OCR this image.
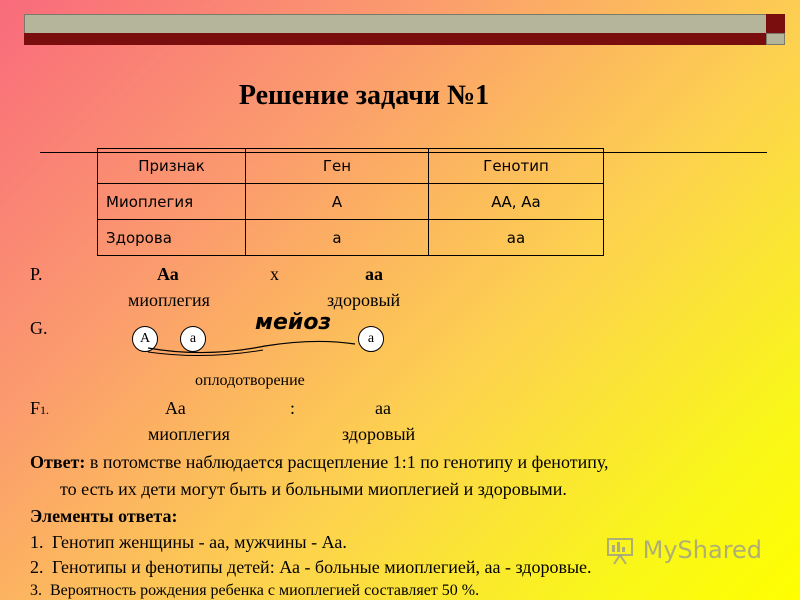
Решение задачи №1
Признак	Ген	Генотип
Миоплегия	А	АА, Аа
Здорова	а	аа
P.	Аа	х	аа
миоплегия	здоровый
G.
А	а
мейоз
а
оплодотворение
F1.	Аа	:	аа
миоплегия	здоровый
Ответ: в потомстве наблюдается расщепление 1:1 по генотипу и фенотипу,
то есть их дети могут быть и больными миоплегией и здоровыми.
Элементы ответа:
1. Генотип женщины - аа, мужчины - Аа.
2. Генотипы и фенотипы детей: Аа - больные миоплегией, аа - здоровые.
3. Вероятность рождения ребенка с миоплегией составляет 50 %.
MyShared
